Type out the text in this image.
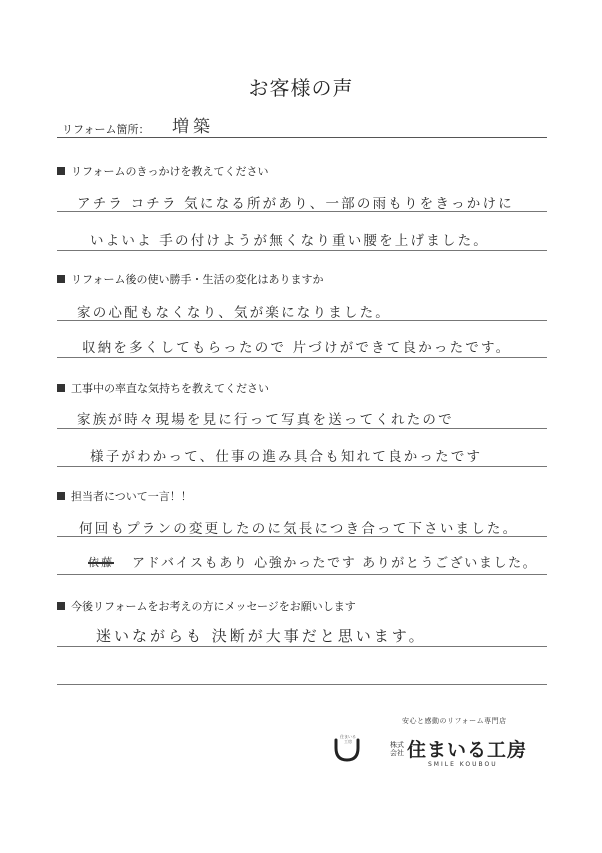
お客様の声
リフォーム箇所： 増築
リフォームのきっかけを教えてください
アチラ コチラ 気になる所があり、一部の雨もりをきっかけに
いよいよ 手の付けようが無くなり重い腰を上げました。
リフォーム後の使い勝手・生活の変化はありますか
家の心配もなくなり、気が楽になりました。
収納を多くしてもらったので 片づけができて良かったです。
工事中の率直な気持ちを教えてください
家族が時々現場を見に行って写真を送ってくれたので
様子がわかって、仕事の進み具合も知れて良かったです
担当者について一言！！
何回もプランの変更したのに気長につき合って下さいました。
依藤 アドバイスもあり 心強かったです ありがとうございました。
今後リフォームをお考えの方にメッセージをお願いします
迷いながらも 決断が大事だと思います。
安心と感動のリフォーム専門店
住まいる工房	株式会社 住まいる工房
SMILE KOUBOU
